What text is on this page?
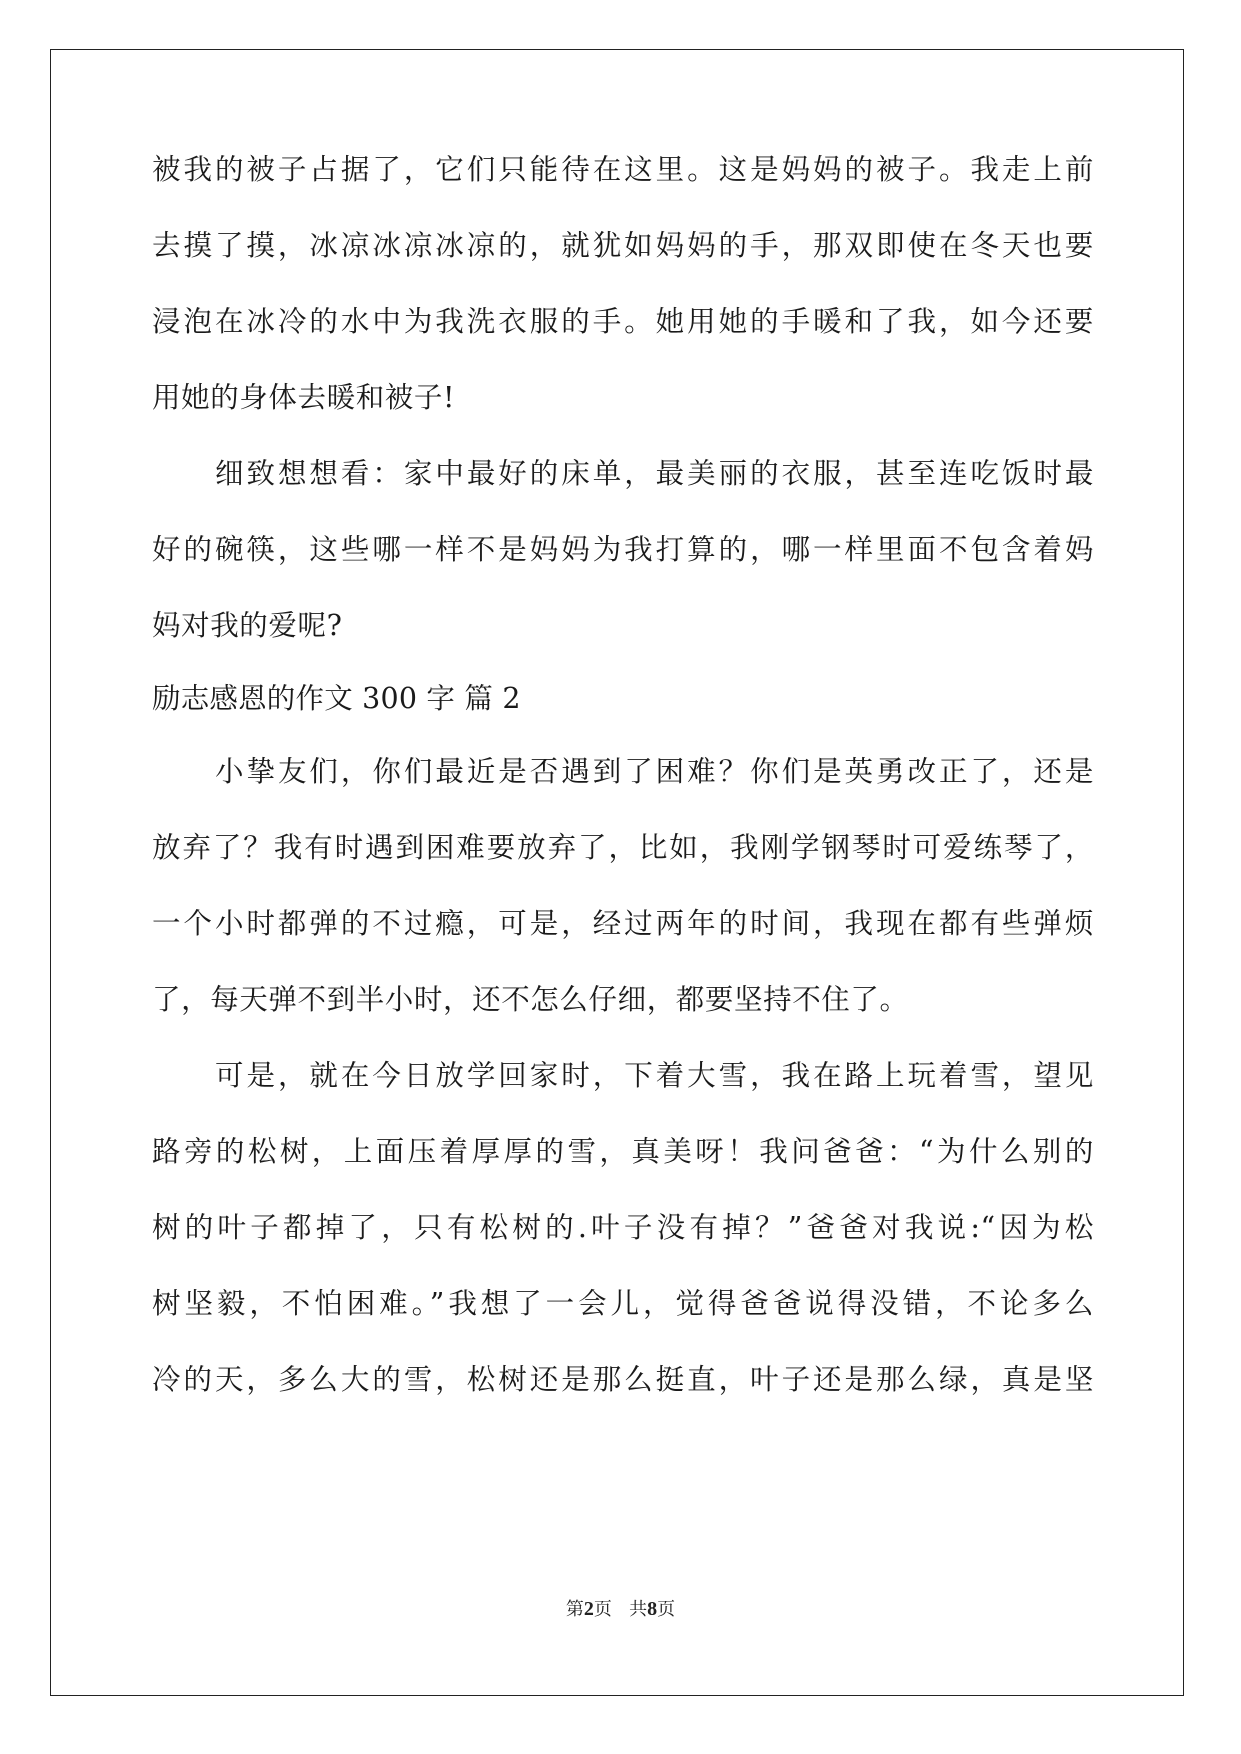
被我的被子占据了，它们只能待在这里。这是妈妈的被子。我走上前
去摸了摸，冰凉冰凉冰凉的，就犹如妈妈的手，那双即使在冬天也要
浸泡在冰冷的水中为我洗衣服的手。她用她的手暖和了我，如今还要
用她的身体去暖和被子!
细致想想看：家中最好的床单，最美丽的衣服，甚至连吃饭时最
好的碗筷，这些哪一样不是妈妈为我打算的，哪一样里面不包含着妈
妈对我的爱呢?
励志感恩的作文 300 字 篇 2
小挚友们，你们最近是否遇到了困难？你们是英勇改正了，还是
放弃了？我有时遇到困难要放弃了，比如，我刚学钢琴时可爱练琴了，
一个小时都弹的不过瘾，可是，经过两年的时间，我现在都有些弹烦
了，每天弹不到半小时，还不怎么仔细，都要坚持不住了。
可是，就在今日放学回家时，下着大雪，我在路上玩着雪，望见
路旁的松树，上面压着厚厚的雪，真美呀！我问爸爸：“为什么别的
树的叶子都掉了，只有松树的.叶子没有掉？”爸爸对我说:“因为松
树坚毅，不怕困难。”我想了一会儿，觉得爸爸说得没错，不论多么
冷的天，多么大的雪，松树还是那么挺直，叶子还是那么绿，真是坚
第2页 共8页
